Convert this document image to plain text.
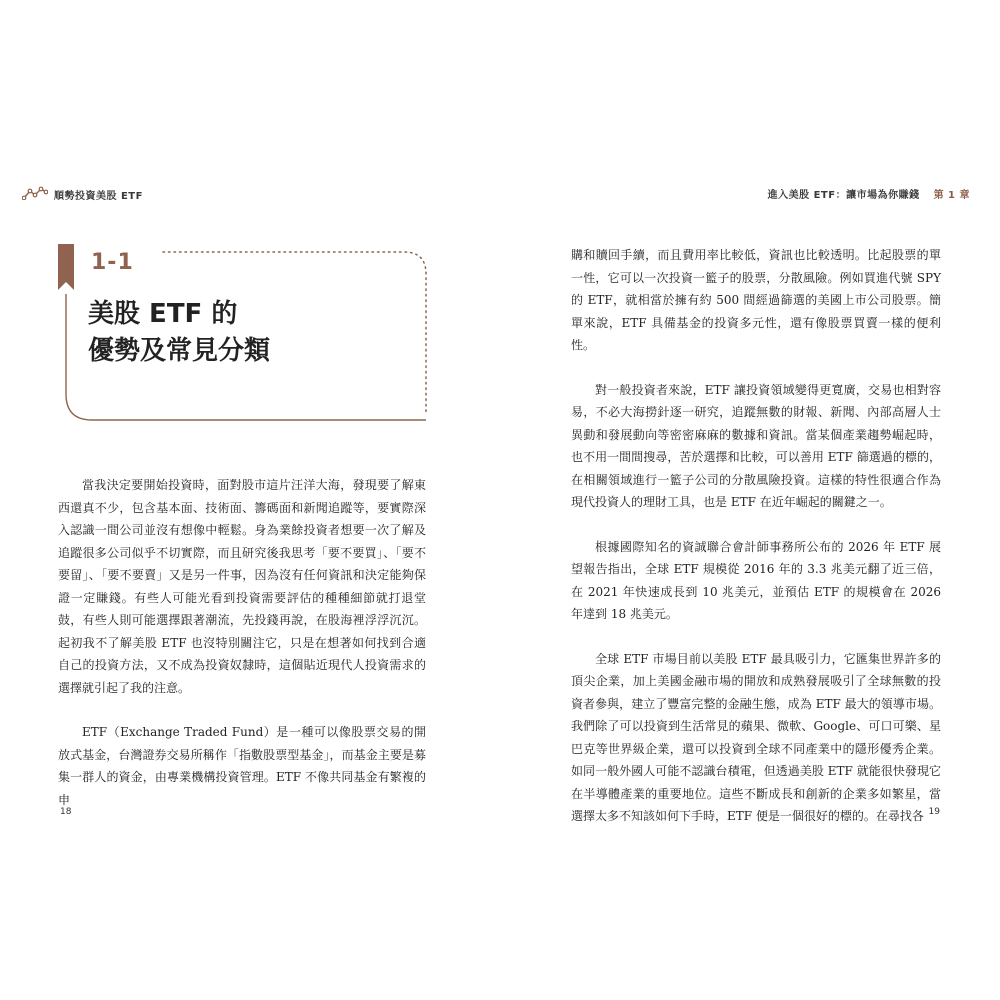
順勢投資美股 ETF	進入美股 ETF：讓市場為你賺錢 第 1 章
1-1
美股 ETF 的
優勢及常見分類

當我決定要開始投資時，面對股市這片汪洋大海，發現要了解東西還真不少，包含基本面、技術面、籌碼面和新聞追蹤等，要實際深入認識一間公司並沒有想像中輕鬆。身為業餘投資者想要一次了解及追蹤很多公司似乎不切實際，而且研究後我思考「要不要買」、「要不要留」、「要不要賣」又是另一件事，因為沒有任何資訊和決定能夠保證一定賺錢。有些人可能光看到投資需要評估的種種細節就打退堂鼓，有些人則可能選擇跟著潮流，先投錢再說，在股海裡浮浮沉沉。起初我不了解美股 ETF 也沒特別關注它，只是在想著如何找到合適自己的投資方法，又不成為投資奴隸時，這個貼近現代人投資需求的選擇就引起了我的注意。

ETF（Exchange Traded Fund）是一種可以像股票交易的開放式基金，台灣證券交易所稱作「指數股票型基金」，而基金主要是募集一群人的資金，由專業機構投資管理。ETF 不像共同基金有繁複的申

購和贖回手續，而且費用率比較低，資訊也比較透明。比起股票的單一性，它可以一次投資一籃子的股票，分散風險。例如買進代號 SPY 的 ETF，就相當於擁有約 500 間經過篩選的美國上市公司股票。簡單來說，ETF 具備基金的投資多元性，還有像股票買賣一樣的便利性。

對一般投資者來說，ETF 讓投資領域變得更寬廣，交易也相對容易，不必大海撈針逐一研究，追蹤無數的財報、新聞、內部高層人士異動和發展動向等密密麻麻的數據和資訊。當某個產業趨勢崛起時，也不用一間間搜尋，苦於選擇和比較，可以善用 ETF 篩選過的標的，在相關領域進行一籃子公司的分散風險投資。這樣的特性很適合作為現代投資人的理財工具，也是 ETF 在近年崛起的關鍵之一。

根據國際知名的資誠聯合會計師事務所公布的 2026 年 ETF 展望報告指出，全球 ETF 規模從 2016 年的 3.3 兆美元翻了近三倍，在 2021 年快速成長到 10 兆美元，並預估 ETF 的規模會在 2026 年達到 18 兆美元。

全球 ETF 市場目前以美股 ETF 最具吸引力，它匯集世界許多的頂尖企業，加上美國金融市場的開放和成熟發展吸引了全球無數的投資者參與，建立了豐富完整的金融生態，成為 ETF 最大的領導市場。我們除了可以投資到生活常見的蘋果、微軟、Google、可口可樂、星巴克等世界級企業，還可以投資到全球不同產業中的隱形優秀企業。如同一般外國人可能不認識台積電，但透過美股 ETF 就能很快發現它在半導體產業的重要地位。這些不斷成長和創新的企業多如繁星，當選擇太多不知該如何下手時，ETF 便是一個很好的標的。在尋找各

18	19
